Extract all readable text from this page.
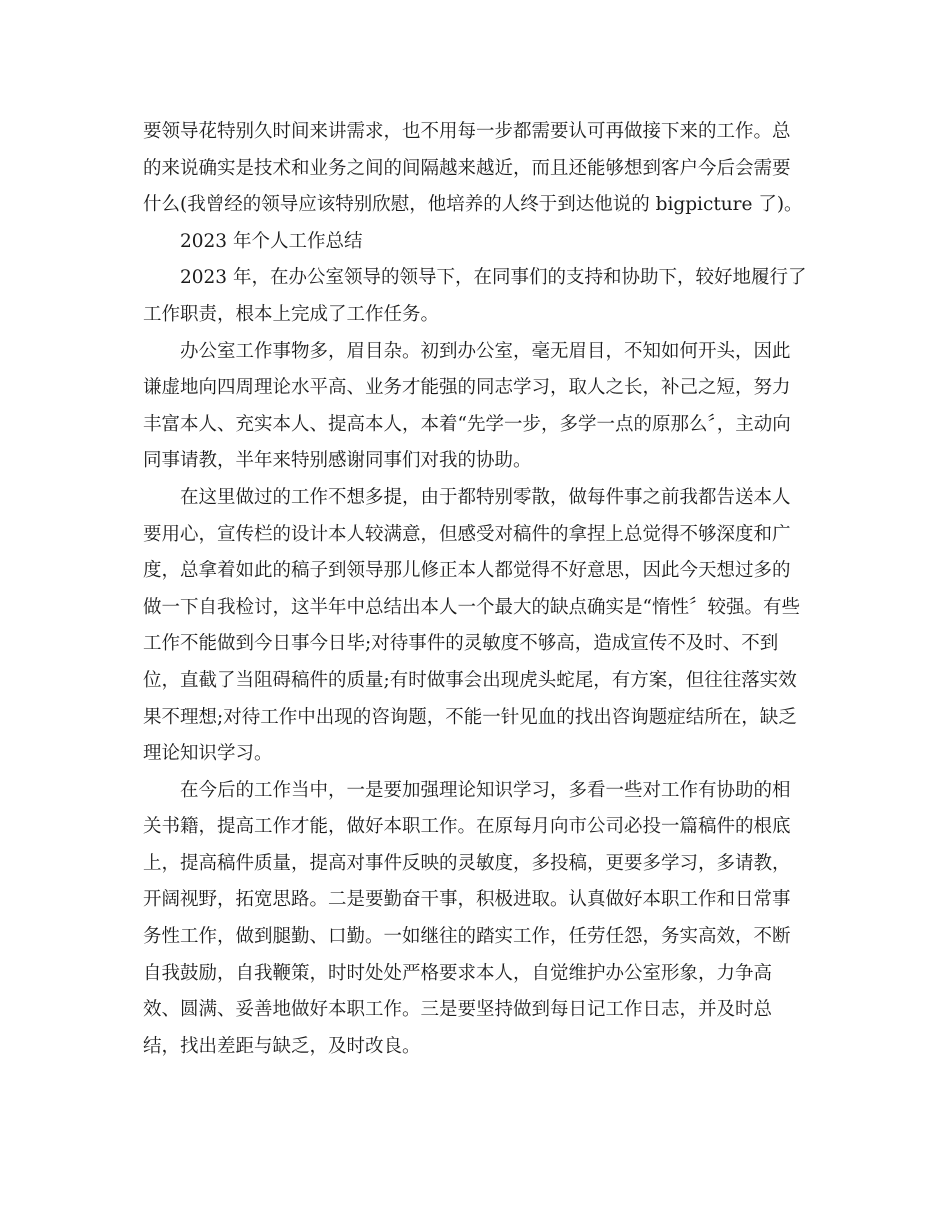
要领导花特别久时间来讲需求，也不用每一步都需要认可再做接下来的工作。总
的来说确实是技术和业务之间的间隔越来越近，而且还能够想到客户今后会需要
什么(我曾经的领导应该特别欣慰，他培养的人终于到达他说的 bigpicture 了)。
2023 年个人工作总结
2023 年，在办公室领导的领导下，在同事们的支持和协助下，较好地履行了
工作职责，根本上完成了工作任务。
办公室工作事物多，眉目杂。初到办公室，毫无眉目，不知如何开头，因此
谦虚地向四周理论水平高、业务才能强的同志学习，取人之长，补己之短，努力
丰富本人、充实本人、提高本人，本着“先学一步，多学一点的原那么〞，主动向
同事请教，半年来特别感谢同事们对我的协助。
在这里做过的工作不想多提，由于都特别零散，做每件事之前我都告送本人
要用心，宣传栏的设计本人较满意，但感受对稿件的拿捏上总觉得不够深度和广
度，总拿着如此的稿子到领导那儿修正本人都觉得不好意思，因此今天想过多的
做一下自我检讨，这半年中总结出本人一个最大的缺点确实是“惰性〞较强。有些
工作不能做到今日事今日毕;对待事件的灵敏度不够高，造成宣传不及时、不到
位，直截了当阻碍稿件的质量;有时做事会出现虎头蛇尾，有方案，但往往落实效
果不理想;对待工作中出现的咨询题，不能一针见血的找出咨询题症结所在，缺乏
理论知识学习。
在今后的工作当中，一是要加强理论知识学习，多看一些对工作有协助的相
关书籍，提高工作才能，做好本职工作。在原每月向市公司必投一篇稿件的根底
上，提高稿件质量，提高对事件反映的灵敏度，多投稿，更要多学习，多请教，
开阔视野，拓宽思路。二是要勤奋干事，积极进取。认真做好本职工作和日常事
务性工作，做到腿勤、口勤。一如继往的踏实工作，任劳任怨，务实高效，不断
自我鼓励，自我鞭策，时时处处严格要求本人，自觉维护办公室形象，力争高
效、圆满、妥善地做好本职工作。三是要坚持做到每日记工作日志，并及时总
结，找出差距与缺乏，及时改良。
